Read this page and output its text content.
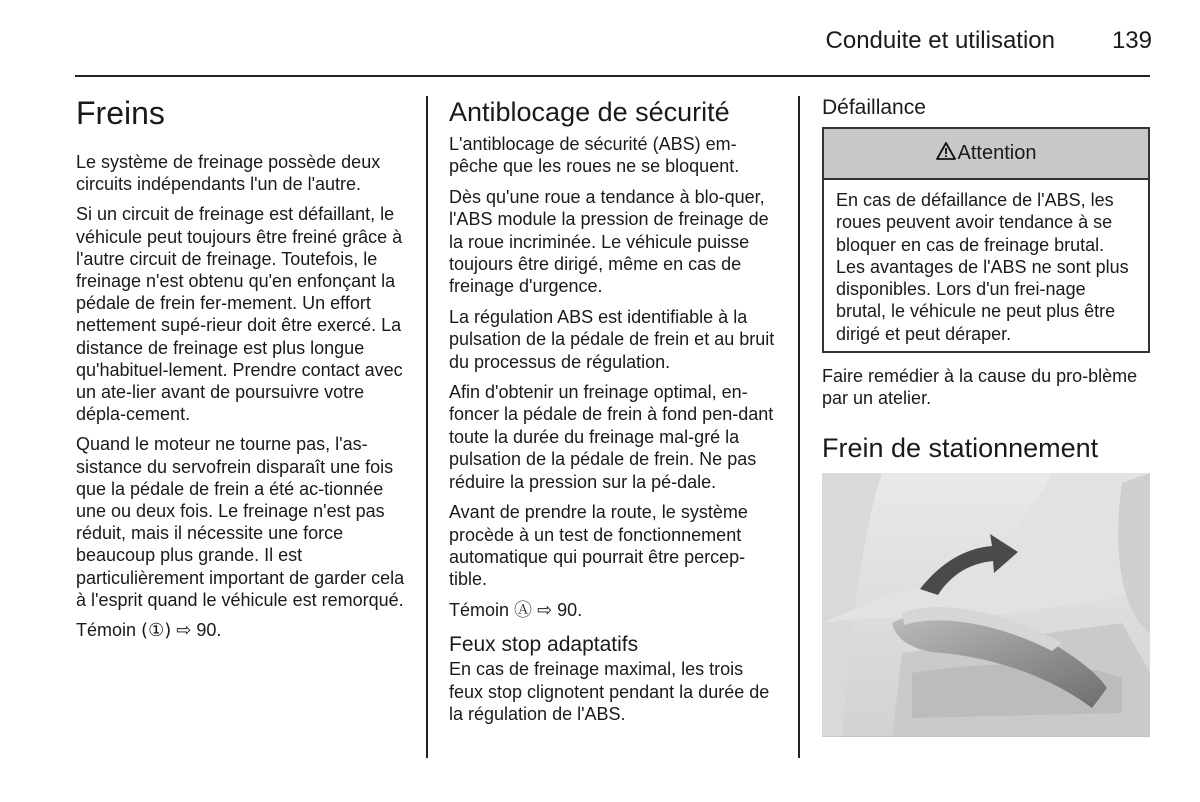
Conduite et utilisation 139
Freins

Le système de freinage possède deux circuits indépendants l'un de l'autre.

Si un circuit de freinage est défaillant, le véhicule peut toujours être freiné grâce à l'autre circuit de freinage. Toutefois, le freinage n'est obtenu qu'en enfonçant la pédale de frein fer-mement. Un effort nettement supé-rieur doit être exercé. La distance de freinage est plus longue qu'habituel-lement. Prendre contact avec un ate-lier avant de poursuivre votre dépla-cement.

Quand le moteur ne tourne pas, l'as-sistance du servofrein disparaît une fois que la pédale de frein a été ac-tionnée une ou deux fois. Le freinage n'est pas réduit, mais il nécessite une force beaucoup plus grande. Il est particulièrement important de garder cela à l'esprit quand le véhicule est remorqué.

Témoin (①) ⇨ 90.

Antiblocage de sécurité

L'antiblocage de sécurité (ABS) em-pêche que les roues ne se bloquent.

Dès qu'une roue a tendance à blo-quer, l'ABS module la pression de freinage de la roue incriminée. Le véhicule puisse toujours être dirigé, même en cas de freinage d'urgence.

La régulation ABS est identifiable à la pulsation de la pédale de frein et au bruit du processus de régulation.

Afin d'obtenir un freinage optimal, en-foncer la pédale de frein à fond pen-dant toute la durée du freinage mal-gré la pulsation de la pédale de frein. Ne pas réduire la pression sur la pé-dale.

Avant de prendre la route, le système procède à un test de fonctionnement automatique qui pourrait être percep-tible.

Témoin Ⓐ ⇨ 90.

Feux stop adaptatifs

En cas de freinage maximal, les trois feux stop clignotent pendant la durée de la régulation de l'ABS.

Défaillance
Attention

En cas de défaillance de l'ABS, les roues peuvent avoir tendance à se bloquer en cas de freinage brutal. Les avantages de l'ABS ne sont plus disponibles. Lors d'un frei-nage brutal, le véhicule ne peut plus être dirigé et peut déraper.

Faire remédier à la cause du pro-blème par un atelier.

Frein de stationnement
